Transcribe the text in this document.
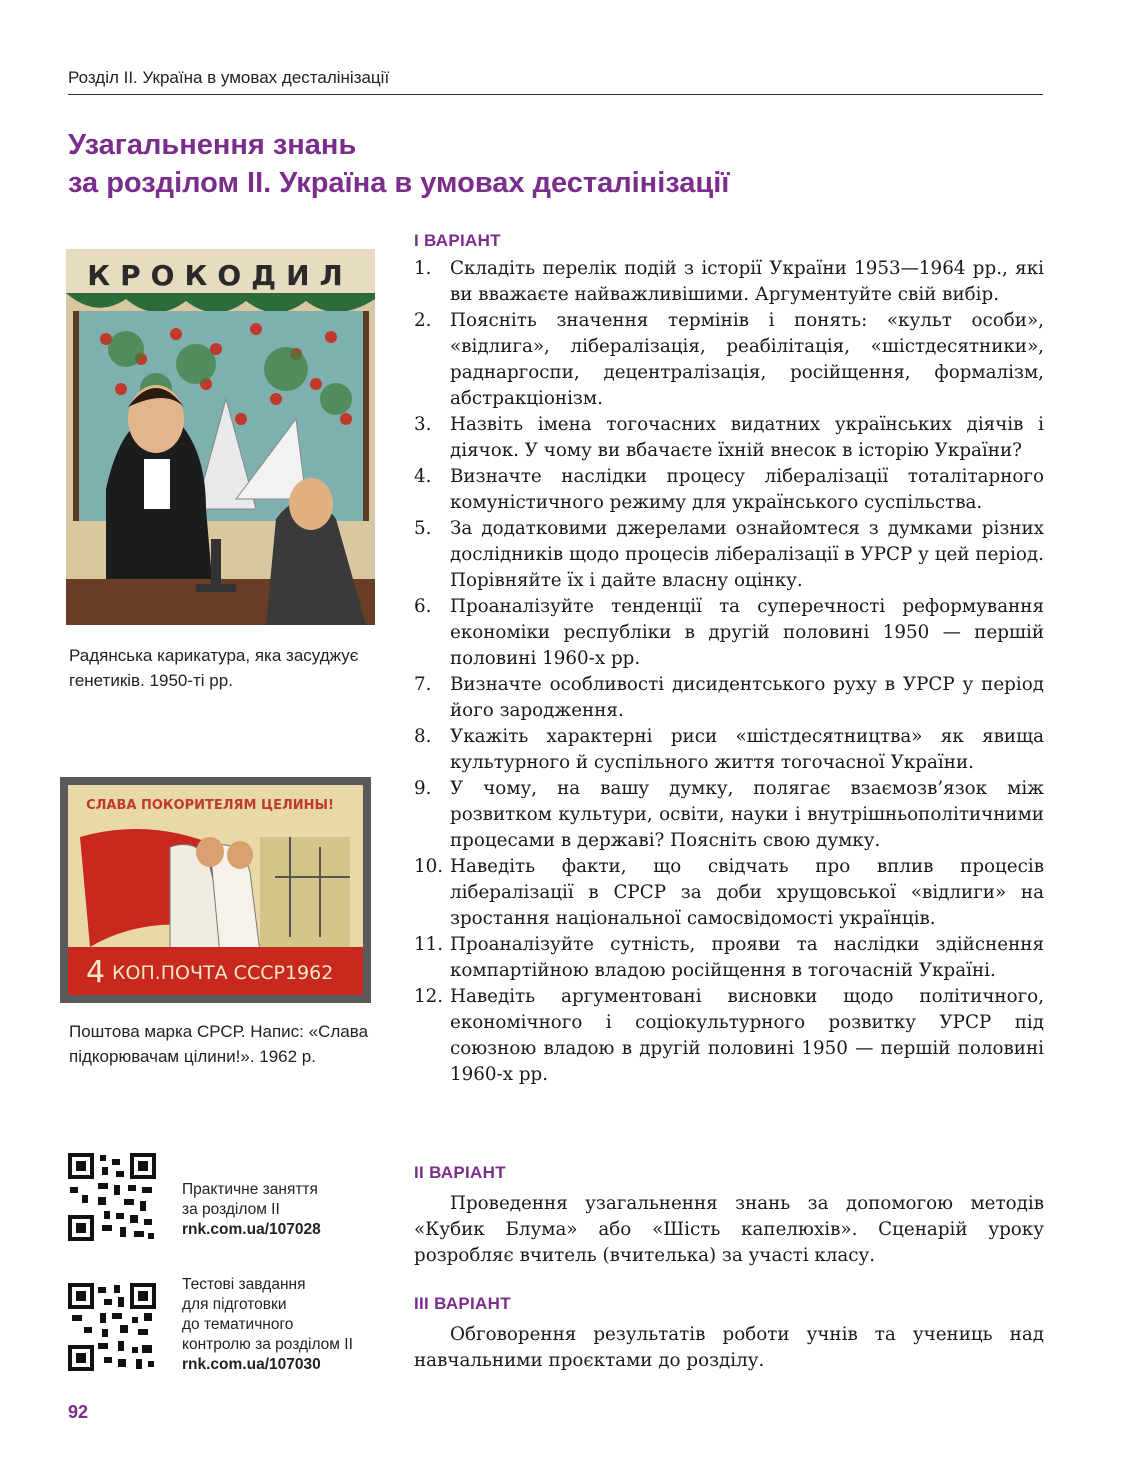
Розділ ІІ. Україна в умовах десталінізації
Узагальнення знань
за розділом ІІ. Україна в умовах десталінізації
КРОКОДИЛ

Радянська карикатура, яка засуджує генетиків. 1950-ті рр.

СЛАВА ПОКОРИТЕЛЯМ ЦЕЛИНЫ!
4 КОП.ПОЧТА СССР1962

Поштова марка СРСР. Напис: «Слава підкорювачам цілини!». 1962 р.

Практичне заняття
за розділом ІІ
rnk.com.ua/107028
Тестові завдання
для підготовки
до тематичного
контролю за розділом ІІ
rnk.com.ua/107030
І ВАРІАНТ
1.	Складіть перелік подій з історії України 1953—1964 рр., які ви вважаєте найважливішими. Аргументуйте свій вибір.
2.	Поясніть значення термінів і понять: «культ особи», «відлига», лібералізація, реабілітація, «шістдесятники», раднаргоспи, децентралізація, російщення, формалізм, абстракціонізм.
3.	Назвіть імена тогочасних видатних українських діячів і діячок. У чому ви вбачаєте їхній внесок в історію України?
4.	Визначте наслідки процесу лібералізації тоталітарного комуністичного режиму для українського суспільства.
5.	За додатковими джерелами ознайомтеся з думками різних дослідників щодо процесів лібералізації в УРСР у цей період. Порівняйте їх і дайте власну оцінку.
6.	Проаналізуйте тенденції та суперечності реформування економіки республіки в другій половині 1950 — першій половині 1960-х рр.
7.	Визначте особливості дисидентського руху в УРСР у період його зародження.
8.	Укажіть характерні риси «шістдесятництва» як явища культурного й суспільного життя тогочасної України.
9.	У чому, на вашу думку, полягає взаємозв’язок між розвитком культури, освіти, науки і внутрішньополітичними процесами в державі? Поясніть свою думку.
10. Наведіть факти, що свідчать про вплив процесів лібералізації в СРСР за доби хрущовської «відлиги» на зростання національної самосвідомості українців.
11. Проаналізуйте сутність, прояви та наслідки здійснення компартійною владою російщення в тогочасній Україні.
12. Наведіть аргументовані висновки щодо політичного, економічного і соціокультурного розвитку УРСР під союзною владою в другій половині 1950 — першій половині 1960-х рр.
ІІ ВАРІАНТ

Проведення узагальнення знань за допомогою методів «Кубик Блума» або «Шість капелюхів». Сценарій уроку розробляє вчитель (вчителька) за участі класу.

ІІІ ВАРІАНТ

Обговорення результатів роботи учнів та учениць над навчальними проєктами до розділу.

92
